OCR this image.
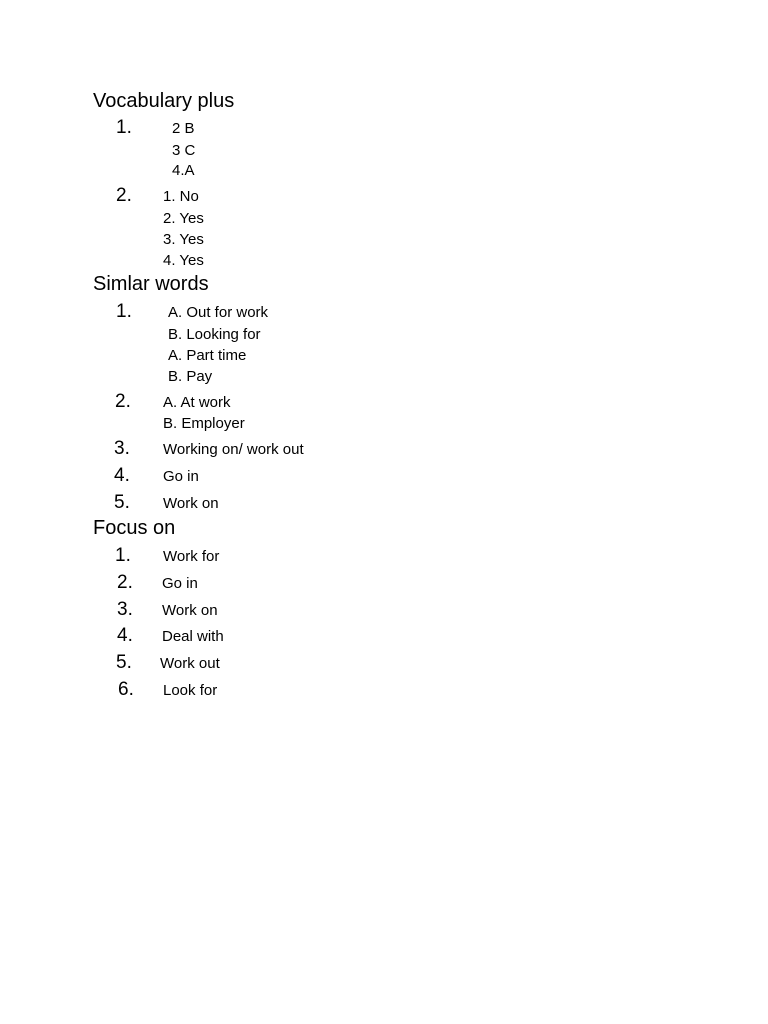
Vocabulary plus
1.	2 B
3 C
4.A
2. 1. No
2. Yes
3. Yes
4. Yes
Simlar words
1. A. Out for work
B. Looking for
A. Part time
B. Pay
2. A. At work
B. Employer
3. Working on/ work out
4. Go in
5. Work on
Focus on
1. Work for
2. Go in
3. Work on
4. Deal with
5. Work out
6. Look for
